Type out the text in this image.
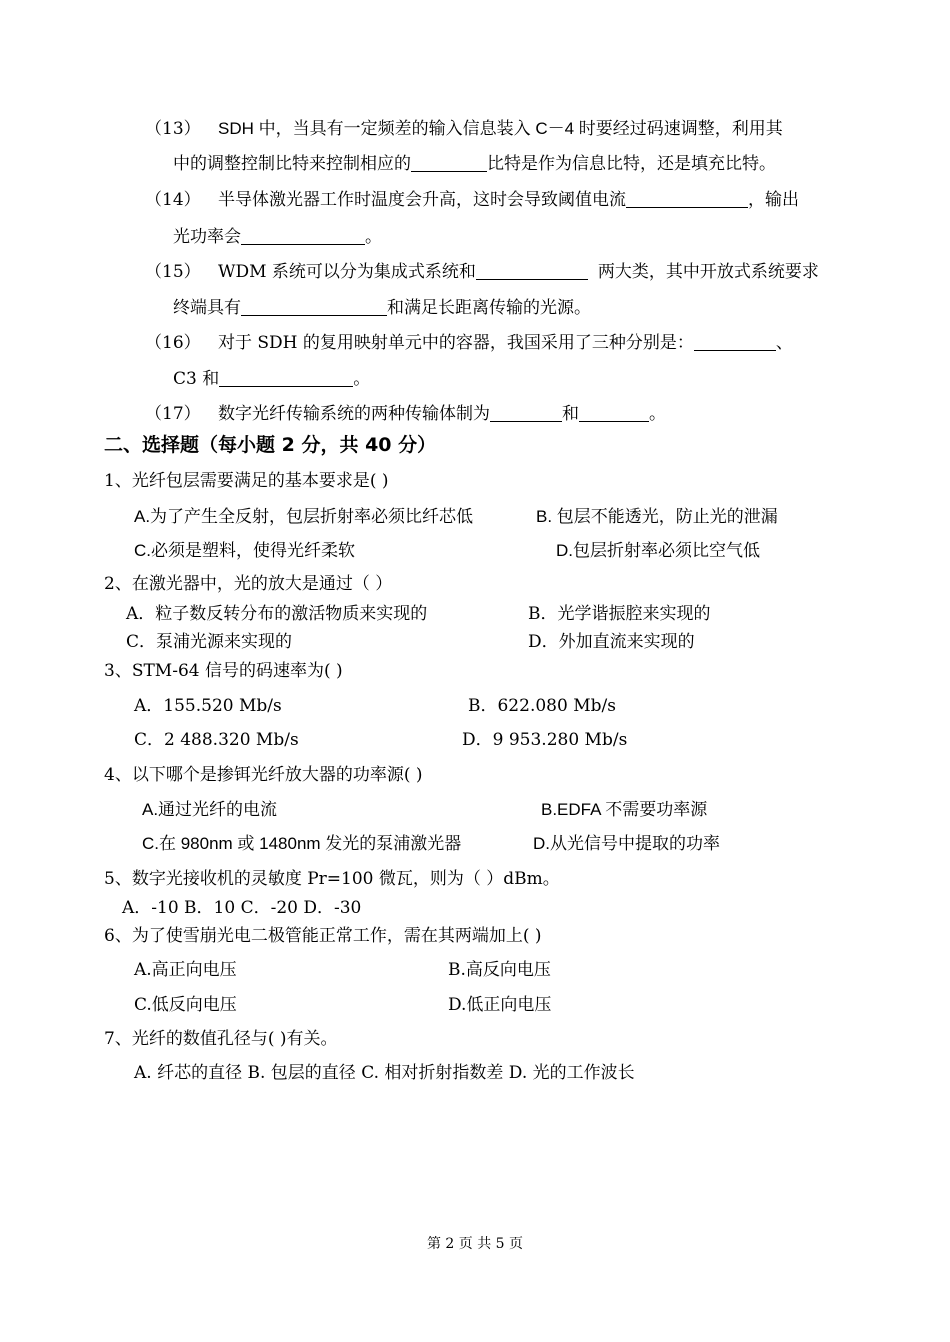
（13） SDH 中，当具有一定频差的输入信息装入 C－4 时要经过码速调整，利用其
中的调整控制比特来控制相应的	比特是作为信息比特，还是填充比特。
（14） 半导体激光器工作时温度会升高，这时会导致阈值电流	，输出
光功率会	。
（15） WDM 系统可以分为集成式系统和	两大类，其中开放式系统要求
终端具有	和满足长距离传输的光源。
（16） 对于 SDH 的复用映射单元中的容器，我国采用了三种分别是：	、
C3 和	。
（17） 数字光纤传输系统的两种传输体制为	和	。
二、选择题（每小题 2 分，共 40 分）
1、光纤包层需要满足的基本要求是( )
A.为了产生全反射，包层折射率必须比纤芯低	B. 包层不能透光，防止光的泄漏
C.必须是塑料，使得光纤柔软	D.包层折射率必须比空气低
2、在激光器中，光的放大是通过（ ）
A．粒子数反转分布的激活物质来实现的	B．光学谐振腔来实现的
C．泵浦光源来实现的	D．外加直流来实现的
3、STM-64 信号的码速率为( )
A．155.520 Mb/s	B．622.080 Mb/s
C．2 488.320 Mb/s	D．9 953.280 Mb/s
4、以下哪个是掺铒光纤放大器的功率源( )
A.通过光纤的电流	B.EDFA 不需要功率源
C.在 980nm 或 1480nm 发光的泵浦激光器	D.从光信号中提取的功率
5、数字光接收机的灵敏度 Pr=100 微瓦，则为（ ）dBm。
A．-10 B．10 C．-20 D．-30
6、为了使雪崩光电二极管能正常工作，需在其两端加上( )
A.高正向电压	B.高反向电压
C.低反向电压	D.低正向电压
7、光纤的数值孔径与( )有关。
A. 纤芯的直径 B. 包层的直径 C. 相对折射指数差 D. 光的工作波长
第 2 页 共 5 页
